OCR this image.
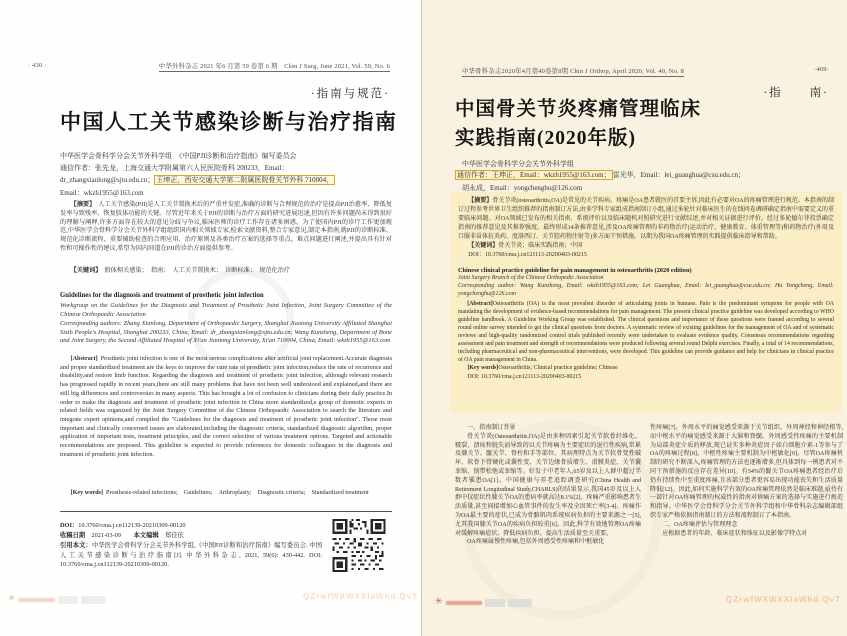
· 430 ·	中华外科杂志 2021 年6 月第 59 卷第 6 期　 Chin J Surg, June 2021, Vol. 59, No. 6
·指南与规范·
中国人工关节感染诊断与治疗指南
中华医学会骨科学分会关节外科学组　《中国PJI诊断和治疗指南》编写委员会
通信作者：张先龙，上海交通大学附属第六人民医院骨科 200233，Email：
dr_zhangxianlong@sjtu.edu.cn； 王坤正，西安交通大学第二附属医院骨关节外科 710004，
Email：wkzh1955@163.com
【摘要】 人工关节感染(PJI)是人工关节置换术后的严重并发症,准确的诊断与合理规范的治疗是提高PJI治愈率、降低复发率与致残率、恢复肢体功能的关键。尽管近年来关于PJI的诊断与治疗方面的研究进展迅速,但因有许多问题尚未得到很好的理解与阐释,许多方面存在较大的意见分歧与争议,临床医师的诊疗工作存在诸多困惑。为了使国内PJI的诊疗工作更加规范,中华医学会骨科学分会关节外科学组组织国内相关领域专家,检索文献资料,整合专家意见,制定本指南,就PJI的诊断标准、规范化诊断流程、重要辅助检查的合理应用、治疗原则及各类治疗方案的选择等重点、难点问题进行阐述,并提出具有针对性和可操作性的建议,希望为国内同道在PJI的诊治方面提供参考。
【关键词】 假体相关感染；　指南；　人工关节置换术；　诊断标准；　规范化治疗
Guidelines for the diagnosis and treatment of prosthetic joint infection
Workgroup on the Guidelines for the Diagnosis and Treatment of Prosthetic Joint Infection, Joint Surgery Committee of the Chinese Orthopaedic Association
Corresponding authors: Zhang Xianlong, Department of Orthopaedic Surgery, Shanghai Jiaotong University Affiliated Shanghai Sixth People's Hospital, Shanghai 200233, China, Email: dr_zhangxianlong@sjtu.edu.cn; Wang Kunzheng, Department of Bone and Joint Surgery, the Second Affiliated Hospital of Xi'an Jiaotong University, Xi'an 710004, China, Email: wkzh1955@163.com
[Abstract] Prosthetic joint infection is one of the most serious complications after artificial joint replacement.Accurate diagnosis and proper standardized treatment are the keys to improve the cure rate of prosthetic joint infection,reduce the rate of recurrence and disability,and restore limb function. Regarding the diagnosis and treatment of prosthetic joint infection, although relevant research has progressed rapidly in recent years,there are still many problems that have not been well understood and explained,and there are still big differences and controversies in many aspects. This has brought a lot of confusion to clinicians during their daily practice.In order to make the diagnosis and treatment of prosthetic joint infection in China more standardized,a group of domestic experts in related fields was organized by the Joint Surgery Committee of the Chinese Orthopaedic Association to search the literature and integrate expert opinions,and compiled the "Guidelines for the diagnosis and treatment of prosthetic joint infection". Those most important and clinically concerned issues are elaborated,including the diagnostic criteria, standardized diagnostic algorithm, proper application of important tests, treatment principles, and the correct selection of various treatment options. Targeted and actionable recommendations are proposed. This guideline is expected to provide references for domestic colleagues in the diagnosis and treatment of prosthetic joint infection.
[Key words] Prosthesis-related infections;　Guidelines;　Arthroplasty;　Diagnostic criteria;　Standardized treatment
DOI：10.3760/cma.j.cn112139-20210309-00120
收稿日期　 2021-03-09　　 本文编辑　 郑佳依
引用本文：中华医学会骨科学分会关节外科学组,《中国PJI诊断和治疗指南》编写委员会. 中国人工关节感染诊断与治疗指南[J]. 中华外科杂志, 2021, 59(6): 430-442. DOI: 10.3760/cma.j.cn112139-20210309-00120.
✳	QZrwfWXWXXIaWhd.QvT
中华骨科杂志2020年4月第40卷第8期 Chin J Orthop, April 2020, Vol. 40, No. 8	·469·
·指　　南·
中国骨关节炎疼痛管理临床
实践指南(2020年版)
中华医学会骨科学分会关节外科学组
通信作者：王坤正，Email：wkzh1955@163.com； 雷光华，Email：lei_guanghua@csu.edu.cn；
胡永成，Email：yongchenghu@126.com
【摘要】骨关节炎(osteoarthritis,OA)是常见的关节疾病。疼痛是OA患者就医的首要主诉,因此有必要对OA的疼痛管理进行规范。本指南的制订过程参考世界卫生组织推荐的指南制订方法,由多学科专家组成指南制订小组,通过多轮针对临床医生的在线问卷调研确定指南中需要定义的重要临床问题。对OA领域已发布的相关指南、系统评价以及临床随机对照研究进行文献综述,并对相关证据进行评价。经过多轮德尔菲投票确定指南的推荐意见及其推荐强度。最终形成14条推荐意见,涉及OA疼痛管理的非药物治疗(运动治疗、健康教育、体重管理等)和药物治疗(外用及口服非甾体抗炎药、度洛西汀、关节腔药物注射等)多方面干预措施。以期为我国OA疼痛管理的实践提供临床指导和帮助。
【关键词】骨关节炎；临床实践指南；中国
DOI：10.3760/cma.j.cn121113-20200403-00215
Chinese clinical practice guideline for pain management in osteoarthritis (2020 edition)
Joint Surgery Branch of the Chinese Orthopedic Association
Corresponding author: Wang Kunzheng, Email: wkzh1955@163.com; Lei Guanghua, Email: lei_guanghua@csu.edu.cn; Hu Yongcheng, Email: yongchenghu@126.com
[Abstract]Osteoarthritis (OA) is the most prevalent disorder of articulating joints in humans. Pain is the predominant symptom for people with OA mandating the development of evidence-based recommendations for pain management. The present clinical practice guideline was developed according to WHO guideline handbook. A Guideline Working Group was established. The clinical questions and importance of these questions were framed according to several round online survey intended to get the clinical questions from doctors. A systematic review of existing guidelines for the management of OA and of systematic reviews and high-quality randomized control trials published recently were undertaken to evaluate evidence quality. Consensus recommendations regarding assessment and pain treatment and strength of recommendations were produced following several round Delphi exercises. Finally, a total of 14 recommendations, including pharmaceutical and non-pharmaceutical interventions, were developed. This guideline can provide guidance and help for clinicians in clinical practice of OA pain management in China.
[Key words]Osteoarthritis; Clinical practice guideline; Chinese
DOI: 10.3760/cma.j.cn121113-20200403-00215
一、指南制订背景
骨关节炎(Osteoarthritis,OA)是由多种因素引起关节软骨纤维化、皲裂、溃疡和脱失而导致的以关节疼痛为主要症状的退行性疾病,常累及膝关节、髋关节、脊柱和手等部位。其病理特点为关节软骨变性破坏、软骨下骨硬化或囊性变、关节边缘骨质增生、滑膜炎症、关节囊挛缩、韧带松弛或挛缩等。好发于中老年人,65岁及以上人群中超过半数者罹患OA[1]。中国健康与养老追踪调查研究(China Health and Retirement Longitudinal Study,CHARLS)的结果显示,我国45岁及以上人群中仅症状性膝关节OA的患病率就高达8.1%[2]。疼痛严重影响患者生活质量,甚至间接增加心血管事件的发生率及全因死亡率[3-4]。疼痛作为OA最主要的症状,已成为骨骼肌肉系统疾病负担的主要来源之一[5],尤其我国膝关节OA的疾病负担较重[6]。因此,科学有效地管理OA疼痛对缓解疼痛症状、降低疾病负担、提高生活质量至关重要。
OA疼痛属慢性疼痛,包括外周感受性疼痛和中枢敏化
性疼痛[7]。外周水平的痛觉感受来源于关节组织、外周神经和神经根等,而中枢水平的痛觉感受来源于大脑和脊髓。外周感受性疼痛的主要机制为局部炎症介质的释放,现已证实多种炎症因子如白细胞介素-1等参与了OA的疼痛过程[8]。中枢性疼痛主要机制为中枢敏化[9]。尽管OA疼痛机制的研究不断深入,疼痛管理的方法也逐渐增多,但具体到每一例患者对不同干预措施的反应存在差异[10]。有54%的髋关节OA疼痛患者经治疗后仍有持续性中至重度疼痛,且该部分患者更容易出现功能丧失和生活质量降低[12]。因此,如何实施科学有效的OA疼痛管理依然是临床难题,亟待有一部针对OA疼痛管理的权威性的指南对镇痛方案的选择与实施进行规范和指导。中华医学会骨科学分会关节外科学组和中华骨科杂志编辑部组织专家严格依据指南制订的方法和流程制订了本指南。
二、OA疼痛评估与管理理念
应根据患者的年龄、临床症状和体征以及影像学特点对
✳	QZrwfWXWXXIaWhd.QvT
